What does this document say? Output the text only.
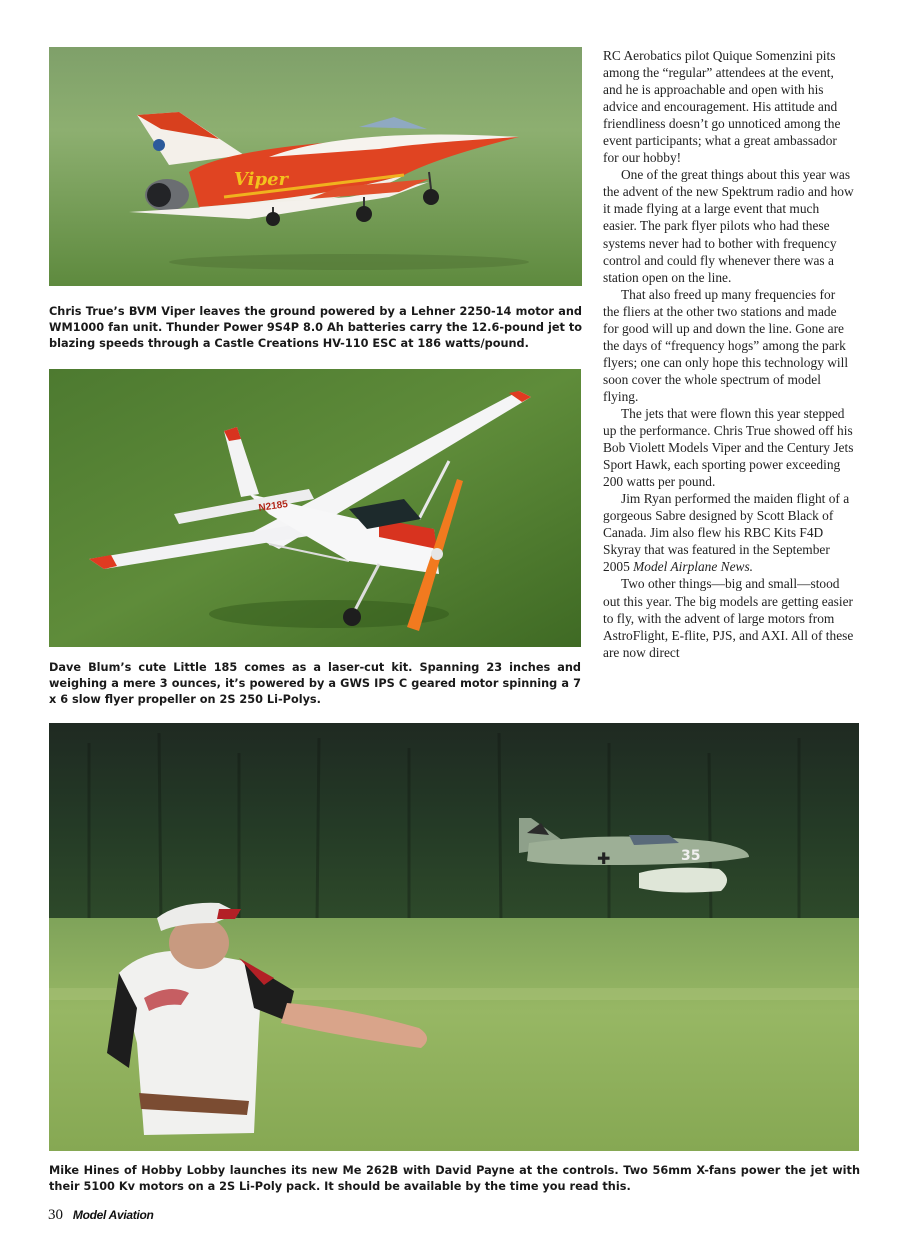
Viper

Chris True’s BVM Viper leaves the ground powered by a Lehner 2250-14 motor and WM1000 fan unit. Thunder Power 9S4P 8.0 Ah batteries carry the 12.6-pound jet to blazing speeds through a Castle Creations HV-110 ESC at 186 watts/pound.

N2185

Dave Blum’s cute Little 185 comes as a laser-cut kit. Spanning 23 inches and weighing a mere 3 ounces, it’s powered by a GWS IPS C geared motor spinning a 7 x 6 slow flyer propeller on 2S 250 Li-Polys.

RC Aerobatics pilot Quique Somenzini pits among the “regular” attendees at the event, and he is approachable and open with his advice and encouragement. His attitude and friendliness doesn’t go unnoticed among the event participants; what a great ambassador for our hobby!

One of the great things about this year was the advent of the new Spektrum radio and how it made flying at a large event that much easier. The park flyer pilots who had these systems never had to bother with frequency control and could fly whenever there was a station open on the line.

That also freed up many frequencies for the fliers at the other two stations and made for good will up and down the line. Gone are the days of “frequency hogs” among the park flyers; one can only hope this technology will soon cover the whole spectrum of model flying.

The jets that were flown this year stepped up the performance. Chris True showed off his Bob Violett Models Viper and the Century Jets Sport Hawk, each sporting power exceeding 200 watts per pound.

Jim Ryan performed the maiden flight of a gorgeous Sabre designed by Scott Black of Canada. Jim also flew his RBC Kits F4D Skyray that was featured in the September 2005 Model Airplane News.

Two other things—big and small—stood out this year. The big models are getting easier to fly, with the advent of large motors from AstroFlight, E-flite, PJS, and AXI. All of these are now direct

35
✚

Mike Hines of Hobby Lobby launches its new Me 262B with David Payne at the controls. Two 56mm X-fans power the jet with their 5100 Kv motors on a 2S Li-Poly pack. It should be available by the time you read this.

30 Model Aviation
